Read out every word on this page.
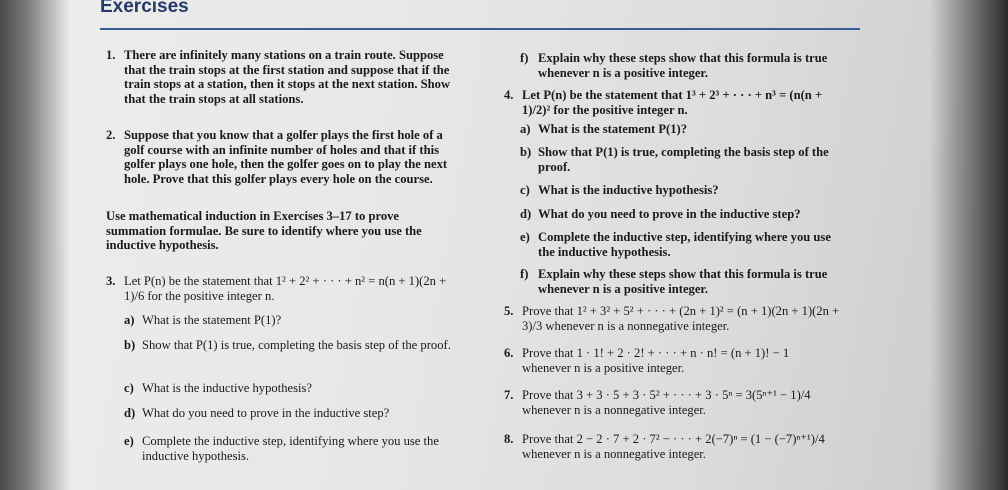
Exercises
1. There are infinitely many stations on a train route. Suppose that the train stops at the first station and suppose that if the train stops at a station, then it stops at the next station. Show that the train stops at all stations.
2. Suppose that you know that a golfer plays the first hole of a golf course with an infinite number of holes and that if this golfer plays one hole, then the golfer goes on to play the next hole. Prove that this golfer plays every hole on the course.
Use mathematical induction in Exercises 3–17 to prove summation formulae. Be sure to identify where you use the inductive hypothesis.
3. Let P(n) be the statement that 1² + 2² + · · · + n² = n(n + 1)(2n + 1)/6 for the positive integer n.
a) What is the statement P(1)?
b) Show that P(1) is true, completing the basis step of the proof.
c) What is the inductive hypothesis?
d) What do you need to prove in the inductive step?
e) Complete the inductive step, identifying where you use the inductive hypothesis.
f) Explain why these steps show that this formula is true whenever n is a positive integer.
4. Let P(n) be the statement that 1³ + 2³ + · · · + n³ = (n(n + 1)/2)² for the positive integer n.
a) What is the statement P(1)?
b) Show that P(1) is true, completing the basis step of the proof.
c) What is the inductive hypothesis?
d) What do you need to prove in the inductive step?
e) Complete the inductive step, identifying where you use the inductive hypothesis.
f) Explain why these steps show that this formula is true whenever n is a positive integer.
5. Prove that 1² + 3² + 5² + · · · + (2n + 1)² = (n + 1)(2n + 1)(2n + 3)/3 whenever n is a nonnegative integer.
6. Prove that 1 · 1! + 2 · 2! + · · · + n · n! = (n + 1)! − 1 whenever n is a positive integer.
7. Prove that 3 + 3 · 5 + 3 · 5² + · · · + 3 · 5ⁿ = 3(5ⁿ⁺¹ − 1)/4 whenever n is a nonnegative integer.
8. Prove that 2 − 2 · 7 + 2 · 7² − · · · + 2(−7)ⁿ = (1 − (−7)ⁿ⁺¹)/4 whenever n is a nonnegative integer.
